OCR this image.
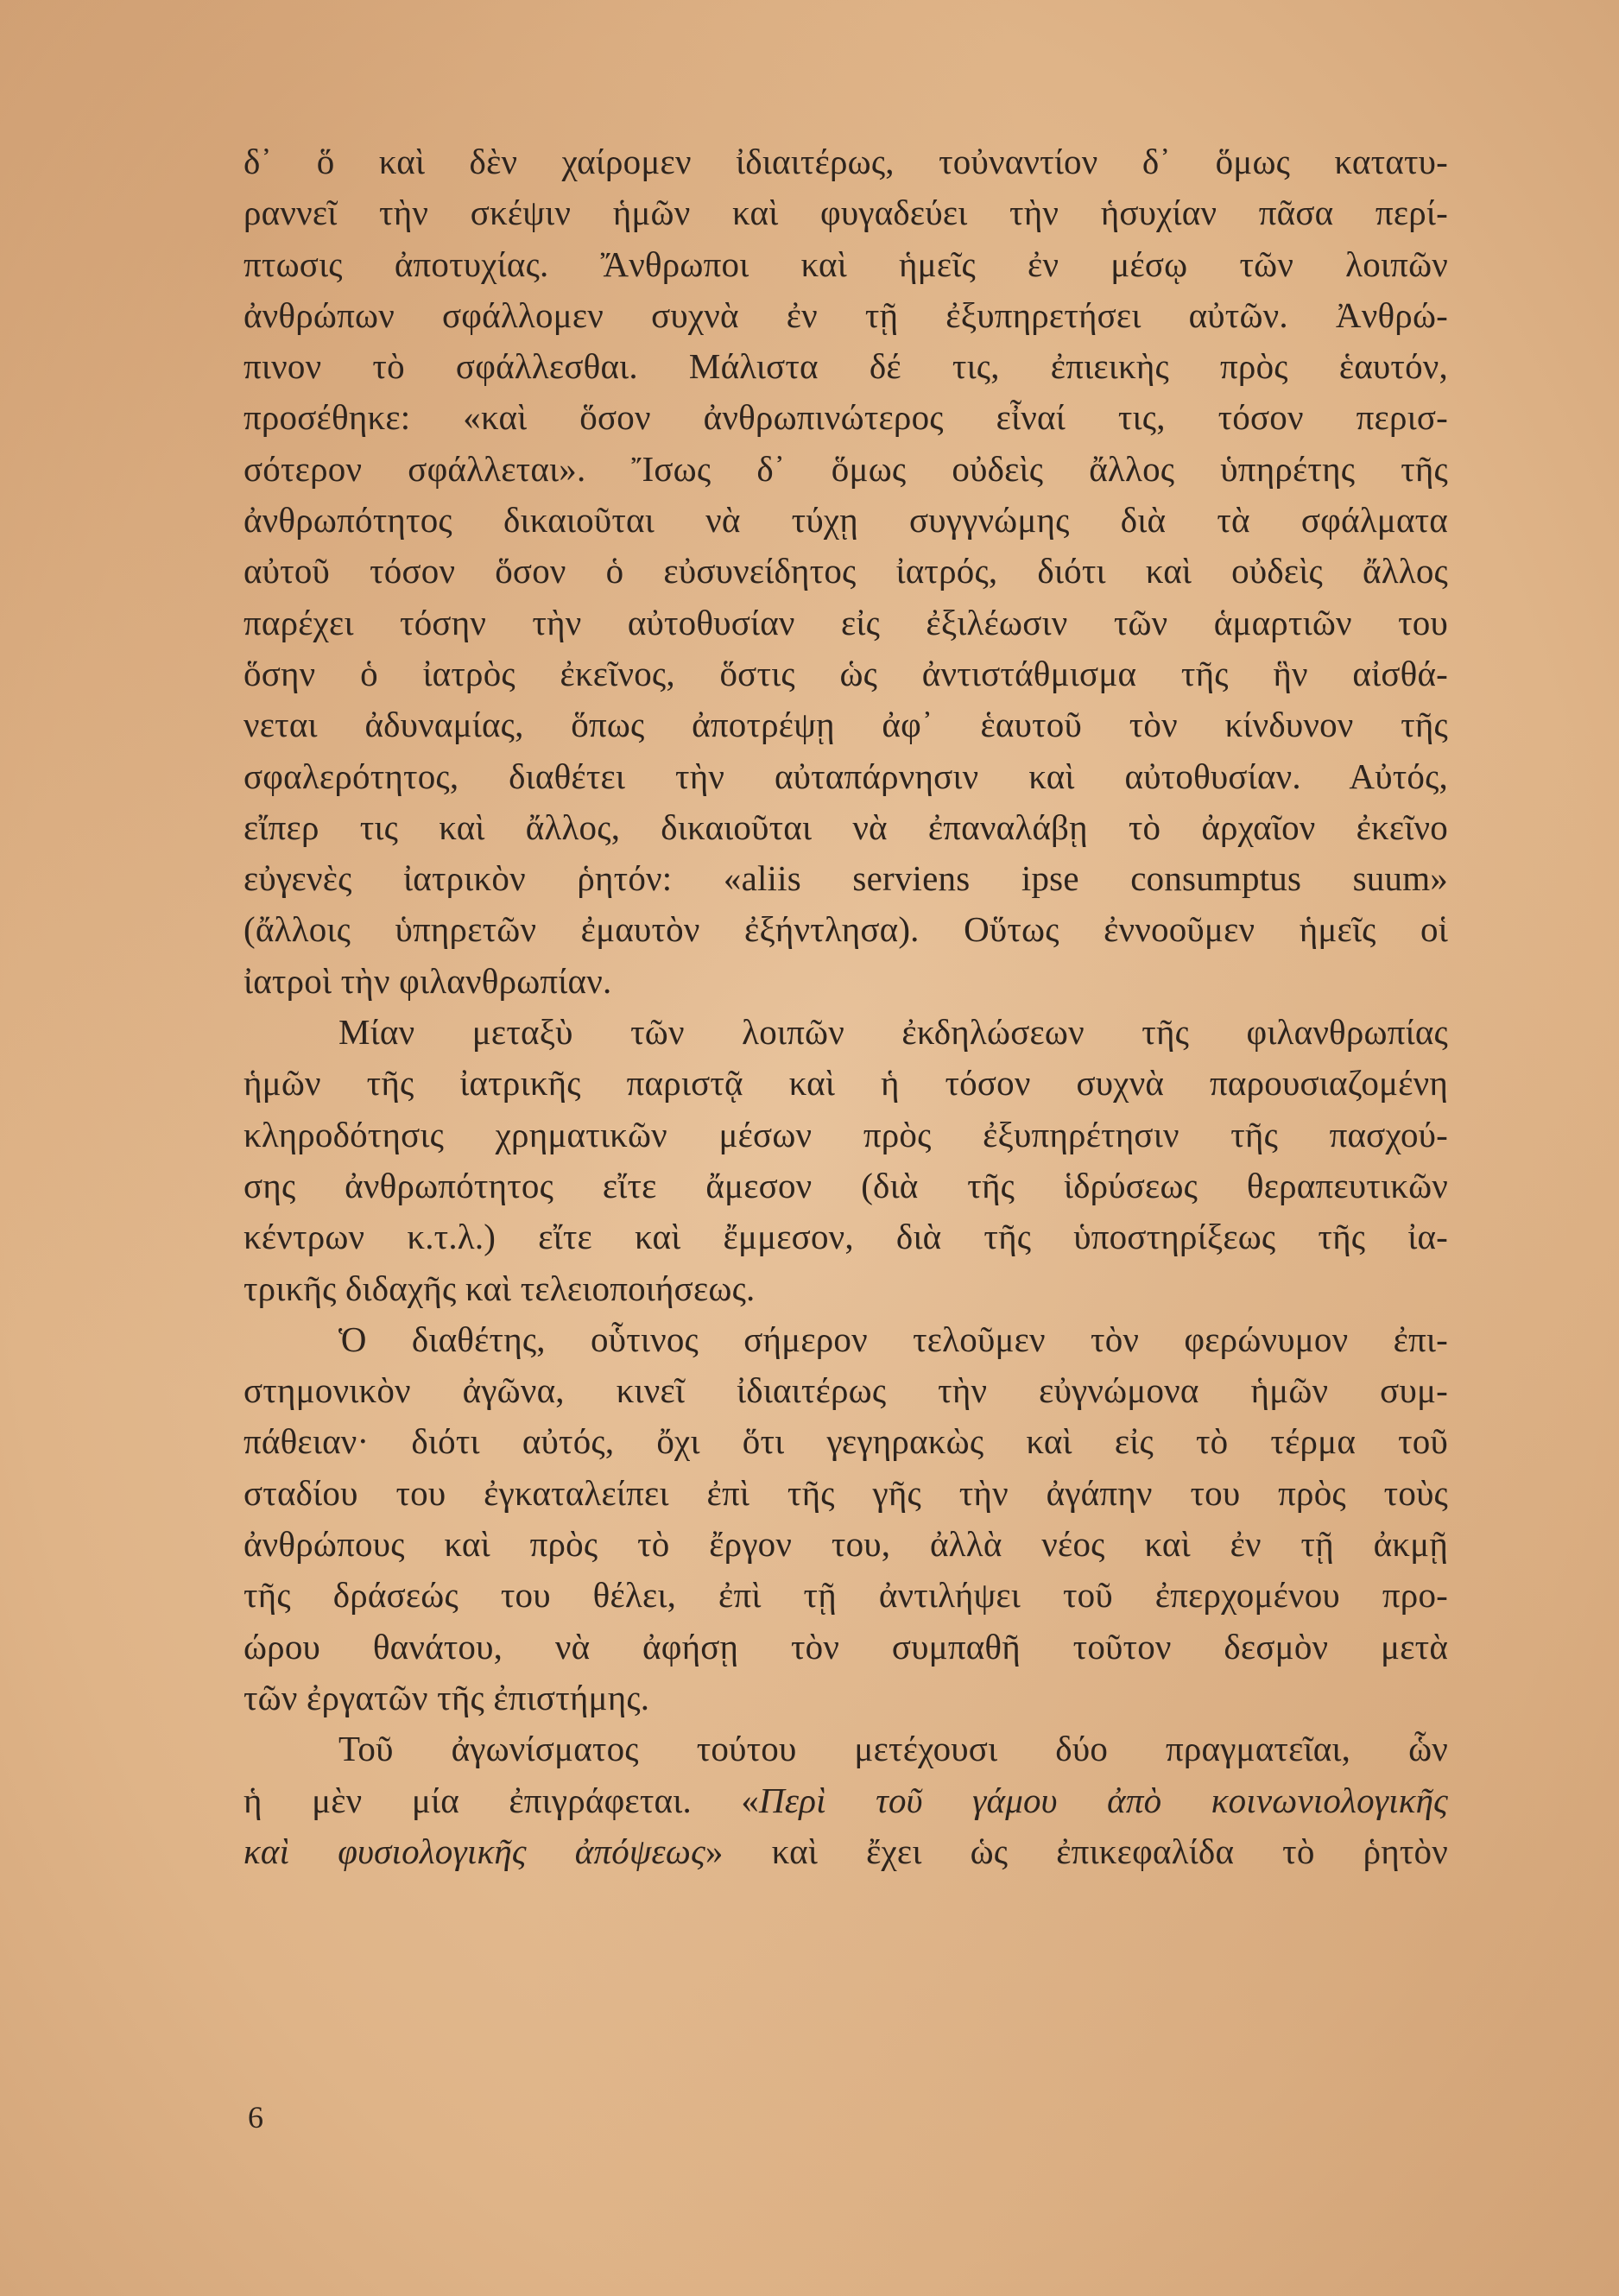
δ᾽ ὅ καὶ δὲν χαίρομεν ἰδιαιτέρως, τοὐναντίον δ᾽ ὅμως κατατυ-
ραννεῖ τὴν σκέψιν ἡμῶν καὶ φυγαδεύει τὴν ἡσυχίαν πᾶσα περί-
πτωσις ἀποτυχίας. Ἄνθρωποι καὶ ἡμεῖς ἐν μέσῳ τῶν λοιπῶν
ἀνθρώπων σφάλλομεν συχνὰ ἐν τῇ ἐξυπηρετήσει αὐτῶν. Ἀνθρώ-
πινον τὸ σφάλλεσθαι. Μάλιστα δέ τις, ἐπιεικὴς πρὸς ἑαυτόν,
προσέθηκε: «καὶ ὅσον ἀνθρωπινώτερος εἶναί τις, τόσον περισ-
σότερον σφάλλεται». Ἴσως δ᾽ ὅμως οὐδεὶς ἄλλος ὑπηρέτης τῆς
ἀνθρωπότητος δικαιοῦται νὰ τύχῃ συγγνώμης διὰ τὰ σφάλματα
αὐτοῦ τόσον ὅσον ὁ εὐσυνείδητος ἰατρός, διότι καὶ οὐδεὶς ἄλλος
παρέχει τόσην τὴν αὐτοθυσίαν εἰς ἐξιλέωσιν τῶν ἁμαρτιῶν του
ὅσην ὁ ἰατρὸς ἐκεῖνος, ὅστις ὡς ἀντιστάθμισμα τῆς ἣν αἰσθά-
νεται ἀδυναμίας, ὅπως ἀποτρέψῃ ἀφ᾽ ἑαυτοῦ τὸν κίνδυνον τῆς
σφαλερότητος, διαθέτει τὴν αὐταπάρνησιν καὶ αὐτοθυσίαν. Αὐτός,
εἴπερ τις καὶ ἄλλος, δικαιοῦται νὰ ἐπαναλάβῃ τὸ ἀρχαῖον ἐκεῖνο
εὐγενὲς ἰατρικὸν ῥητόν: «aliis serviens ipse consumptus suum»
(ἄλλοις ὑπηρετῶν ἐμαυτὸν ἐξήντλησα). Οὕτως ἐννοοῦμεν ἡμεῖς οἱ
ἰατροὶ τὴν φιλανθρωπίαν.

Μίαν μεταξὺ τῶν λοιπῶν ἐκδηλώσεων τῆς φιλανθρωπίας
ἡμῶν τῆς ἰατρικῆς παριστᾷ καὶ ἡ τόσον συχνὰ παρουσιαζομένη
κληροδότησις χρηματικῶν μέσων πρὸς ἐξυπηρέτησιν τῆς πασχού-
σης ἀνθρωπότητος εἴτε ἄμεσον (διὰ τῆς ἱδρύσεως θεραπευτικῶν
κέντρων κ.τ.λ.) εἴτε καὶ ἔμμεσον, διὰ τῆς ὑποστηρίξεως τῆς ἰα-
τρικῆς διδαχῆς καὶ τελειοποιήσεως.

Ὁ διαθέτης, οὗτινος σήμερον τελοῦμεν τὸν φερώνυμον ἐπι-
στημονικὸν ἀγῶνα, κινεῖ ἰδιαιτέρως τὴν εὐγνώμονα ἡμῶν συμ-
πάθειαν· διότι αὐτός, ὄχι ὅτι γεγηρακὼς καὶ εἰς τὸ τέρμα τοῦ
σταδίου του ἐγκαταλείπει ἐπὶ τῆς γῆς τὴν ἀγάπην του πρὸς τοὺς
ἀνθρώπους καὶ πρὸς τὸ ἔργον του, ἀλλὰ νέος καὶ ἐν τῇ ἀκμῇ
τῆς δράσεώς του θέλει, ἐπὶ τῇ ἀντιλήψει τοῦ ἐπερχομένου πρo-
ώρου θανάτου, νὰ ἀφήσῃ τὸν συμπαθῆ τοῦτον δεσμὸν μετὰ
τῶν ἐργατῶν τῆς ἐπιστήμης.

Τοῦ ἀγωνίσματος τούτου μετέχουσι δύο πραγματεῖαι, ὧν
ἡ μὲν μία ἐπιγράφεται. «Περὶ τοῦ γάμου ἀπὸ κοινωνιολογικῆς
καὶ φυσιολογικῆς ἀπόψεως» καὶ ἔχει ὡς ἐπικεφαλίδα τὸ ῥητὸν

6
